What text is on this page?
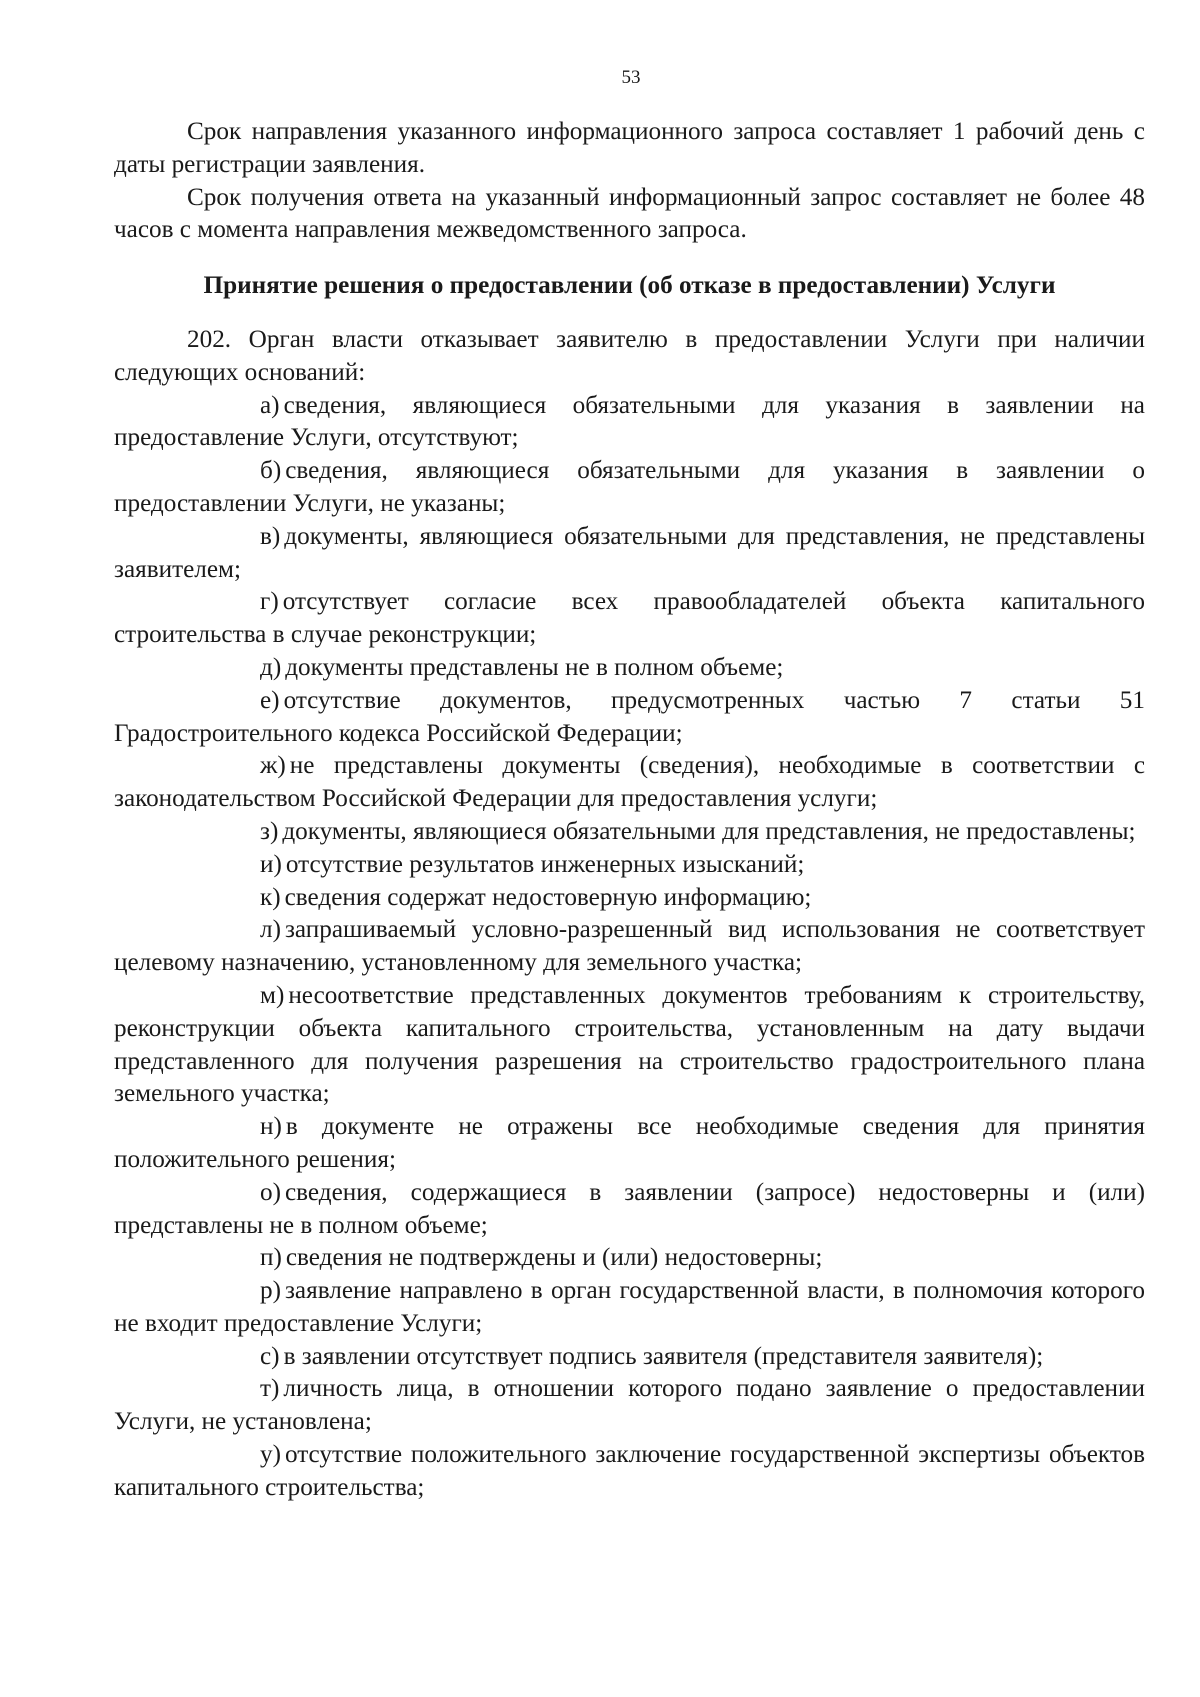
53

Срок направления указанного информационного запроса составляет 1 рабочий день с даты регистрации заявления.

Срок получения ответа на указанный информационный запрос составляет не более 48 часов с момента направления межведомственного запроса.

Принятие решения о предоставлении (об отказе в предоставлении) Услуги

202. Орган власти отказывает заявителю в предоставлении Услуги при наличии следующих оснований:

а) сведения, являющиеся обязательными для указания в заявлении на предоставление Услуги, отсутствуют;

б) сведения, являющиеся обязательными для указания в заявлении о предоставлении Услуги, не указаны;

в) документы, являющиеся обязательными для представления, не представлены заявителем;

г) отсутствует согласие всех правообладателей объекта капитального строительства в случае реконструкции;

д) документы представлены не в полном объеме;

е) отсутствие документов, предусмотренных частью 7 статьи 51 Градостроительного кодекса Российской Федерации;

ж) не представлены документы (сведения), необходимые в соответствии с законодательством Российской Федерации для предоставления услуги;

з) документы, являющиеся обязательными для представления, не предоставлены;

и) отсутствие результатов инженерных изысканий;

к) сведения содержат недостоверную информацию;

л) запрашиваемый условно-разрешенный вид использования не соответствует целевому назначению, установленному для земельного участка;

м) несоответствие представленных документов требованиям к строительству, реконструкции объекта капитального строительства, установленным на дату выдачи представленного для получения разрешения на строительство градостроительного плана земельного участка;

н) в документе не отражены все необходимые сведения для принятия положительного решения;

о) сведения, содержащиеся в заявлении (запросе) недостоверны и (или) представлены не в полном объеме;

п) сведения не подтверждены и (или) недостоверны;

р) заявление направлено в орган государственной власти, в полномочия которого не входит предоставление Услуги;

с) в заявлении отсутствует подпись заявителя (представителя заявителя);

т) личность лица, в отношении которого подано заявление о предоставлении Услуги, не установлена;

у) отсутствие положительного заключение государственной экспертизы объектов капитального строительства;
